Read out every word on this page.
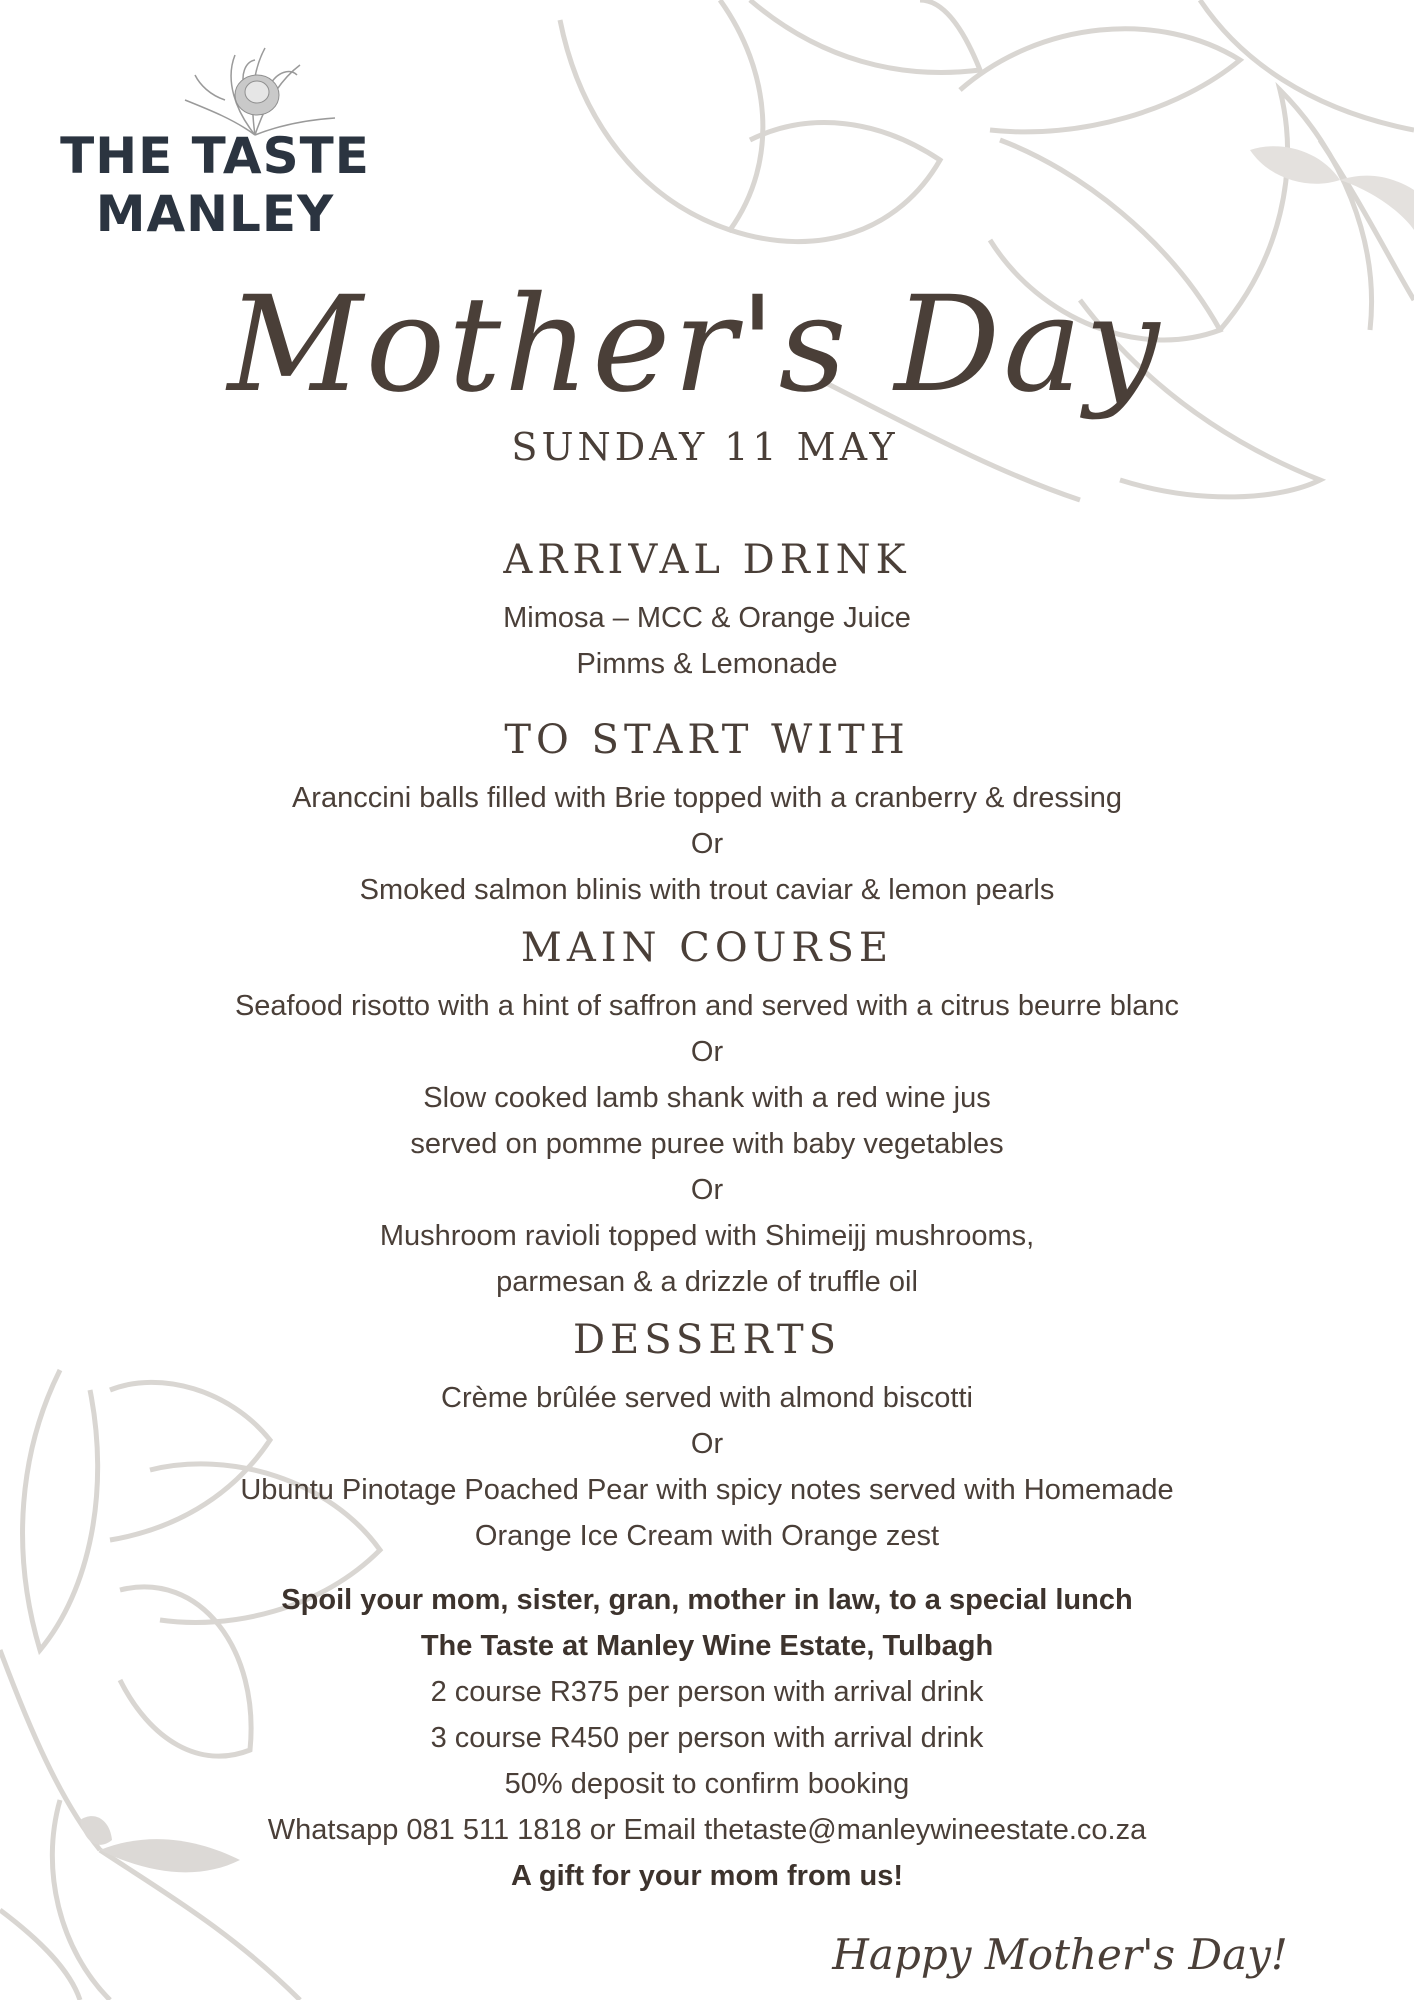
THE TASTE
MANLEY
Mother's Day
SUNDAY 11 MAY

ARRIVAL DRINK

Mimosa – MCC & Orange Juice

Pimms & Lemonade

TO START WITH

Aranccini balls filled with Brie topped with a cranberry & dressing

Or

Smoked salmon blinis with trout caviar & lemon pearls

MAIN COURSE

Seafood risotto with a hint of saffron and served with a citrus beurre blanc

Or

Slow cooked lamb shank with a red wine jus

served on pomme puree with baby vegetables

Or

Mushroom ravioli topped with Shimeijj mushrooms,

parmesan & a drizzle of truffle oil

DESSERTS

Crème brûlée served with almond biscotti

Or

Ubuntu Pinotage Poached Pear with spicy notes served with Homemade

Orange Ice Cream with Orange zest

Spoil your mom, sister, gran, mother in law, to a special lunch

The Taste at Manley Wine Estate, Tulbagh

2 course R375 per person with arrival drink

3 course R450 per person with arrival drink

50% deposit to confirm booking

Whatsapp 081 511 1818 or Email thetaste@manleywineestate.co.za

A gift for your mom from us!

Happy Mother's Day!
